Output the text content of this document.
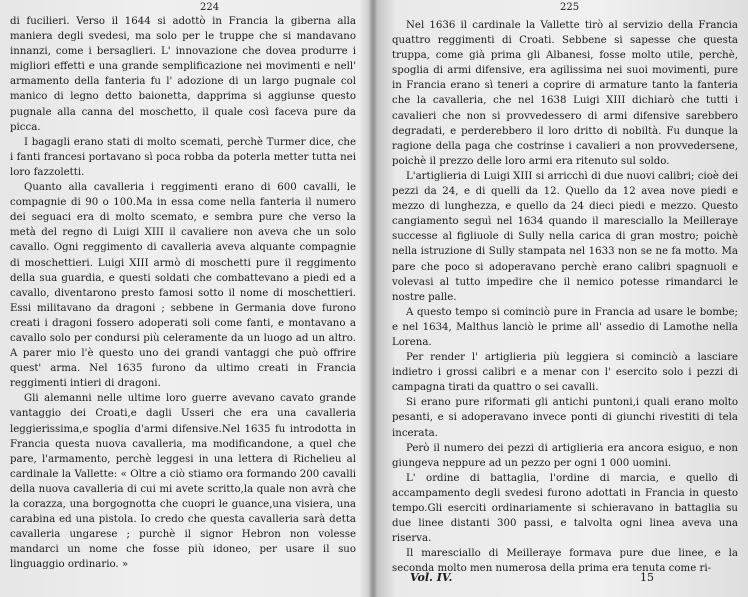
224

di fucilieri. Verso il 1644 si adottò in Francia la giberna alla maniera degli svedesi, ma solo per le truppe che si mandavano innanzi, come i bersaglieri. L' innovazione che dovea produrre i migliori effetti e una grande semplificazione nei movimenti e nell' armamento della fanteria fu l' adozione di un largo pugnale col manico di legno detto baionetta, dapprima si aggiunse questo pugnale alla canna del moschetto, il quale così faceva pure da picca.

I bagagli erano stati di molto scemati, perchè Turmer dice, che i fanti francesi portavano sì poca robba da poterla metter tutta nei loro fazzoletti.

Quanto alla cavalleria i reggimenti erano di 600 cavalli, le compagnie di 90 o 100.Ma in essa come nella fanteria il numero dei seguaci era di molto scemato, e sembra pure che verso la metà del regno di Luigi XIII il cavaliere non aveva che un solo cavallo. Ogni reggimento di cavalleria aveva alquante compagnie di moschettieri. Luigi XIII armò di moschetti pure il reggimento della sua guardia, e questi soldati che combattevano a piedi ed a cavallo, diventarono presto famosi sotto il nome di moschettieri. Essi militavano da dragoni ; sebbene in Germania dove furono creati i dragoni fossero adoperati soli come fanti, e montavano a cavallo solo per condursi più celeramente da un luogo ad un altro. A parer mio l'è questo uno dei grandi vantaggi che può offrire quest' arma. Nel 1635 furono da ultimo creati in Francia reggimenti intieri di dragoni.

Gli alemanni nelle ultime loro guerre avevano cavato grande vantaggio dei Croati,e dagli Usseri che era una cavalleria leggierissima,e spoglia d'armi difensive.Nel 1635 fu introdotta in Francia questa nuova cavalleria, ma modificandone, a quel che pare, l'armamento, perchè leggesi in una lettera di Richelieu al cardinale la Vallette: « Oltre a ciò stiamo ora formando 200 cavalli della nuova cavalleria di cui mi avete scritto,la quale non avrà che la corazza, una borgognotta che cuopri le guance,una visiera, una carabina ed una pistola. Io credo che questa cavalleria sarà detta cavalleria ungarese ; purchè il signor Hebron non volesse mandarci un nome che fosse più idoneo, per usare il suo linguaggio ordinario. »

225

Nel 1636 il cardinale la Vallette tirò al servizio della Francia quattro reggimenti di Croati. Sebbene si sapesse che questa truppa, come già prima gli Albanesi, fosse molto utile, perchè, spoglia di armi difensive, era agilissima nei suoi movimenti, pure in Francia erano sì teneri a coprire di armature tanto la fanteria che la cavalleria, che nel 1638 Luigi XIII dichiarò che tutti i cavalieri che non si provvedessero di armi difensive sarebbero degradati, e perderebbero il loro dritto di nobiltà. Fu dunque la ragione della paga che costrinse i cavalieri a non provvedersene, poichè il prezzo delle loro armi era ritenuto sul soldo.

L'artiglieria di Luigi XIII si arricchì di due nuovi calibri; cioè dei pezzi da 24, e di quelli da 12. Quello da 12 avea nove piedi e mezzo di lunghezza, e quello da 24 dieci piedi e mezzo. Questo cangiamento seguì nel 1634 quando il maresciallo la Meilleraye successe al figliuole di Sully nella carica di gran mostro; poichè nella istruzione di Sully stampata nel 1633 non se ne fa motto. Ma pare che poco si adoperavano perchè erano calibri spagnuoli e volevasi al tutto impedire che il nemico potesse rimandarci le nostre palle.

A questo tempo si cominciò pure in Francia ad usare le bombe; e nel 1634, Malthus lanciò le prime all' assedio di Lamothe nella Lorena.

Per render l' artiglieria più leggiera si cominciò a lasciare indietro i grossi calibri e a menar con l' esercito solo i pezzi di campagna tirati da quattro o sei cavalli.

Si erano pure riformati gli antichi puntoni,i quali erano molto pesanti, e si adoperavano invece ponti di giunchi rivestiti di tela incerata.

Però il numero dei pezzi di artiglieria era ancora esiguo, e non giungeva neppure ad un pezzo per ogni 1 000 uomini.

L' ordine di battaglia, l'ordine di marcia, e quello di accampamento degli svedesi furono adottati in Francia in questo tempo.Gli eserciti ordinariamente si schieravano in battaglia su due linee distanti 300 passi, e talvolta ogni linea aveva una riserva.

Il maresciallo di Meilleraye formava pure due linee, e la seconda molto men numerosa della prima era tenuta come ri-

Vol. IV.	15
